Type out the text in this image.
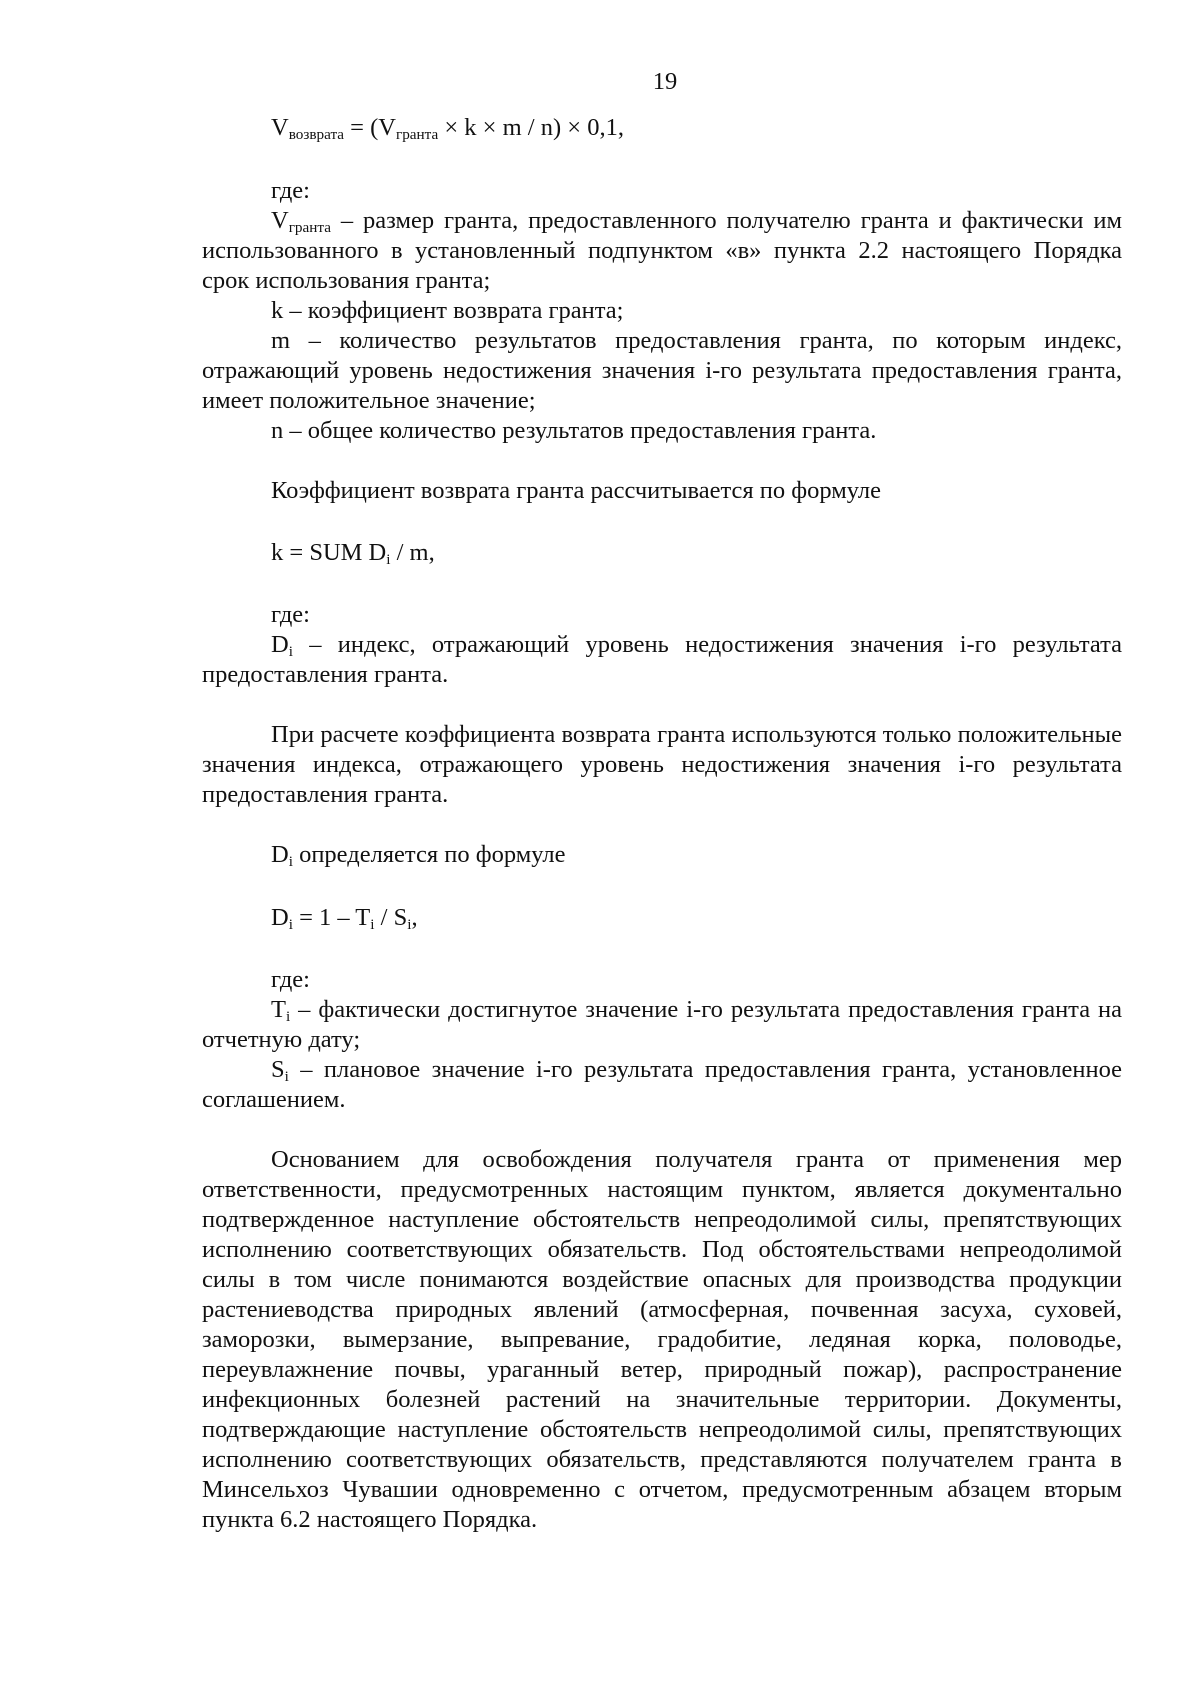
19

$V_{возврата} = (V_{гранта} \times k \times m / n) \times 0,1$,

где:

$V_{гранта}$ – размер гранта, предоставленного получателю гранта и фактически им использованного в установленный подпунктом «в» пункта 2.2 настоящего Порядка срок использования гранта;

k – коэффициент возврата гранта;

m – количество результатов предоставления гранта, по которым индекс, отражающий уровень недостижения значения i-го результата предоставления гранта, имеет положительное значение;

n – общее количество результатов предоставления гранта.

Коэффициент возврата гранта рассчитывается по формуле

k = SUM $D_i$ / m,

где:

$D_i$ – индекс, отражающий уровень недостижения значения i-го результата предоставления гранта.

При расчете коэффициента возврата гранта используются только положительные значения индекса, отражающего уровень недостижения значения i-го результата предоставления гранта.

$D_i$ определяется по формуле

$D_i = 1 - T_i / S_i$,

где:

$T_i$ – фактически достигнутое значение i-го результата предоставления гранта на отчетную дату;

$S_i$ – плановое значение i-го результата предоставления гранта, установленное соглашением.

Основанием для освобождения получателя гранта от применения мер ответственности, предусмотренных настоящим пунктом, является документально подтвержденное наступление обстоятельств непреодолимой силы, препятствующих исполнению соответствующих обязательств. Под обстоятельствами непреодолимой силы в том числе понимаются воздействие опасных для производства продукции растениеводства природных явлений (атмосферная, почвенная засуха, суховей, заморозки, вымерзание, выпревание, градобитие, ледяная корка, половодье, переувлажнение почвы, ураганный ветер, природный пожар), распространение инфекционных болезней растений на значительные территории. Документы, подтверждающие наступление обстоятельств непреодолимой силы, препятствующих исполнению соответствующих обязательств, представляются получателем гранта в Минсельхоз Чувашии одновременно с отчетом, предусмотренным абзацем вторым пункта 6.2 настоящего Порядка.
